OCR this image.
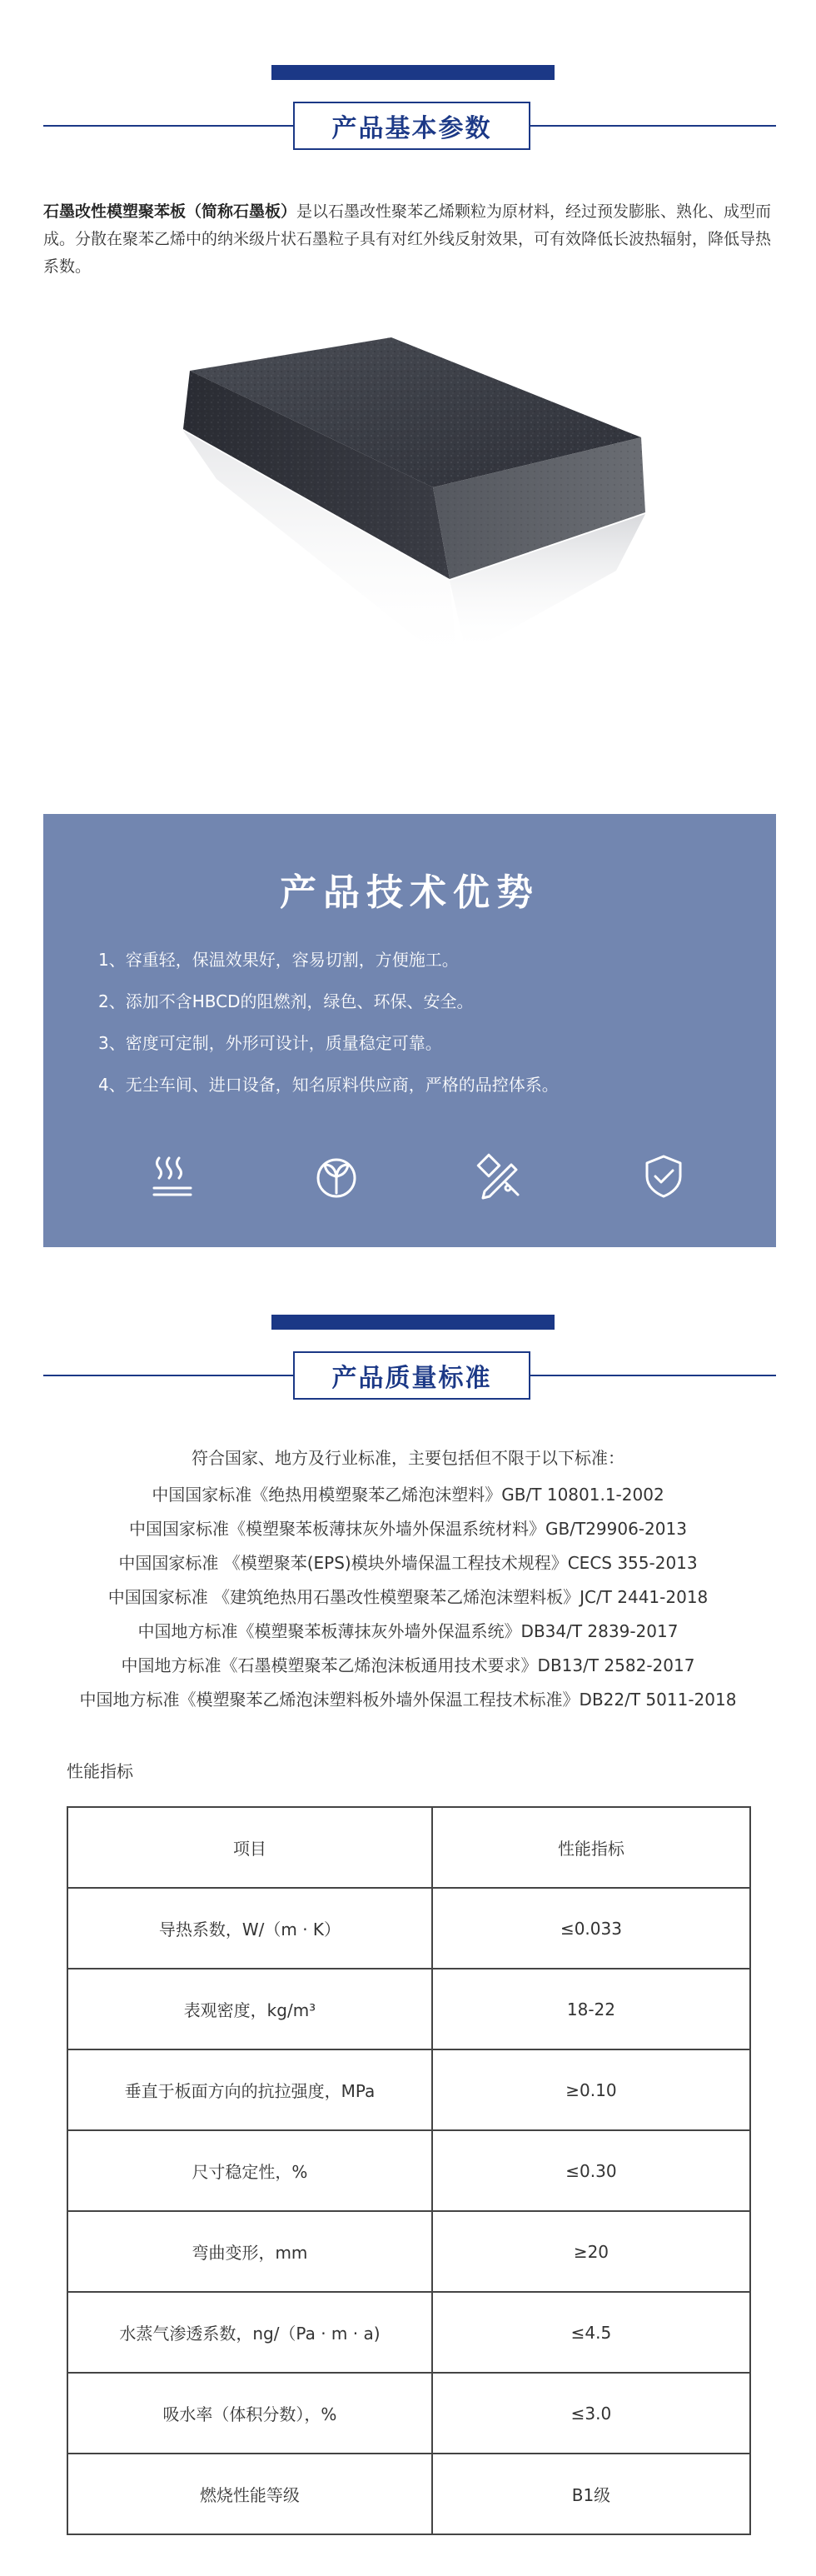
产品基本参数

石墨改性模塑聚苯板（简称石墨板）是以石墨改性聚苯乙烯颗粒为原材料，经过预发膨胀、熟化、成型而成。分散在聚苯乙烯中的纳米级片状石墨粒子具有对红外线反射效果，可有效降低长波热辐射，降低导热系数。

产品技术优势
1、容重轻，保温效果好，容易切割，方便施工。
2、添加不含HBCD的阻燃剂，绿色、环保、安全。
3、密度可定制，外形可设计，质量稳定可靠。
4、无尘车间、进口设备，知名原料供应商，严格的品控体系。
产品质量标准
符合国家、地方及行业标准，主要包括但不限于以下标准：
中国国家标准《绝热用模塑聚苯乙烯泡沫塑料》GB/T 10801.1-2002
中国国家标准《模塑聚苯板薄抹灰外墙外保温系统材料》GB/T29906-2013
中国国家标准 《模塑聚苯(EPS)模块外墙保温工程技术规程》CECS 355-2013
中国国家标准 《建筑绝热用石墨改性模塑聚苯乙烯泡沫塑料板》JC/T 2441-2018
中国地方标准《模塑聚苯板薄抹灰外墙外保温系统》DB34/T 2839-2017
中国地方标准《石墨模塑聚苯乙烯泡沫板通用技术要求》DB13/T 2582-2017
中国地方标准《模塑聚苯乙烯泡沫塑料板外墙外保温工程技术标准》DB22/T 5011-2018
性能指标
项目	性能指标
导热系数，W/（m · K）	≤0.033
表观密度，kg/m³	18-22
垂直于板面方向的抗拉强度，MPa	≥0.10
尺寸稳定性，%	≤0.30
弯曲变形，mm	≥20
水蒸气渗透系数，ng/（Pa · m · a)	≤4.5
吸水率（体积分数），%	≤3.0
燃烧性能等级	B1级
